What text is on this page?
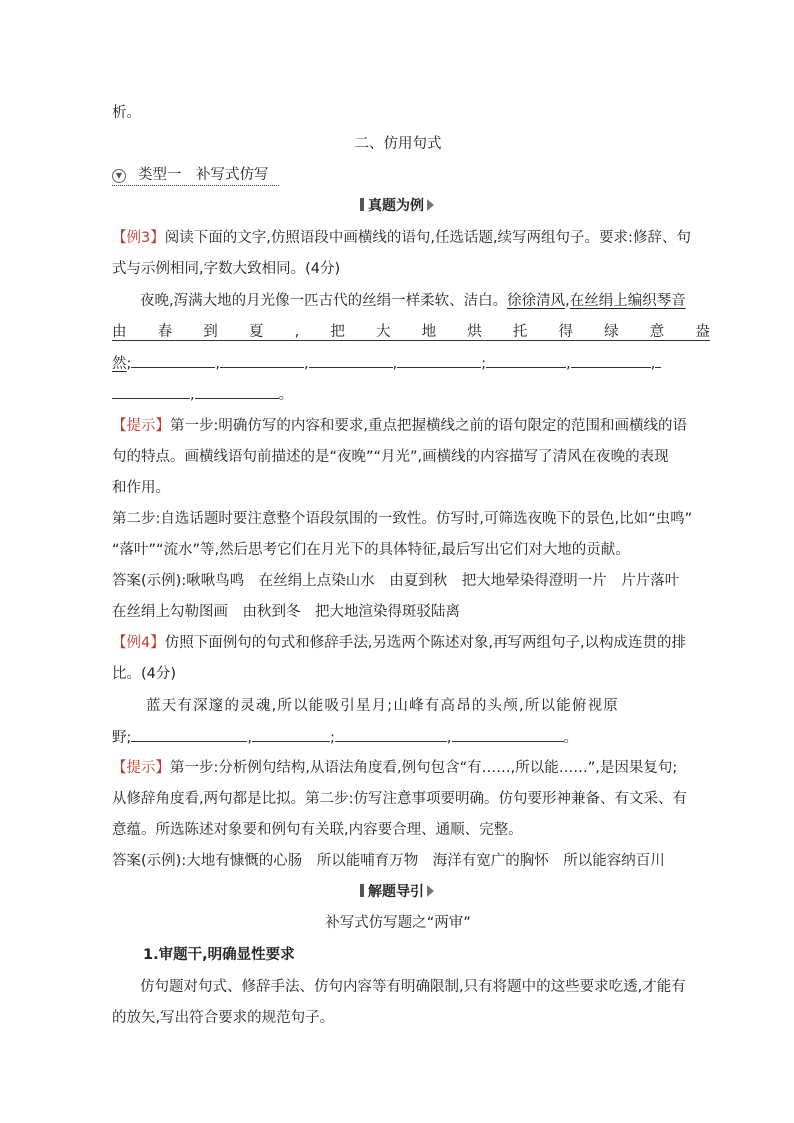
析。
二、仿用句式
▼ 类型一　补写式仿写
真题为例
【例3】阅读下面的文字,仿照语段中画横线的语句,任选话题,续写两组句子。要求:修辞、句
式与示例相同,字数大致相同。(4分)
夜晚,泻满大地的月光像一匹古代的丝绢一样柔软、洁白。徐徐清风,在丝绢上编织琴音
由 春 到 夏 , 把 大 地 烘 托 得 绿 意 盎
然;	,	,	,	;	,	,
,	。
【提示】第一步:明确仿写的内容和要求,重点把握横线之前的语句限定的范围和画横线的语
句的特点。画横线语句前描述的是“夜晚”“月光”,画横线的内容描写了清风在夜晚的表现
和作用。
第二步:自选话题时要注意整个语段氛围的一致性。仿写时,可筛选夜晚下的景色,比如“虫鸣”
“落叶”“流水”等,然后思考它们在月光下的具体特征,最后写出它们对大地的贡献。
答案(示例):啾啾鸟鸣　在丝绢上点染山水　由夏到秋　把大地晕染得澄明一片　片片落叶
在丝绢上勾勒图画　由秋到冬　把大地渲染得斑驳陆离
【例4】仿照下面例句的句式和修辞手法,另选两个陈述对象,再写两组句子,以构成连贯的排
比。(4分)
蓝天有深邃的灵魂,所以能吸引星月;山峰有高昂的头颅,所以能俯视原
野;	,	;	,	。
【提示】第一步:分析例句结构,从语法角度看,例句包含“有……,所以能……”,是因果复句;
从修辞角度看,两句都是比拟。第二步:仿写注意事项要明确。仿句要形神兼备、有文采、有
意蕴。所选陈述对象要和例句有关联,内容要合理、通顺、完整。
答案(示例):大地有慷慨的心肠　所以能哺育万物　海洋有宽广的胸怀　所以能容纳百川
解题导引
补写式仿写题之“两审”
1.审题干,明确显性要求
仿句题对句式、修辞手法、仿句内容等有明确限制,只有将题中的这些要求吃透,才能有
的放矢,写出符合要求的规范句子。
